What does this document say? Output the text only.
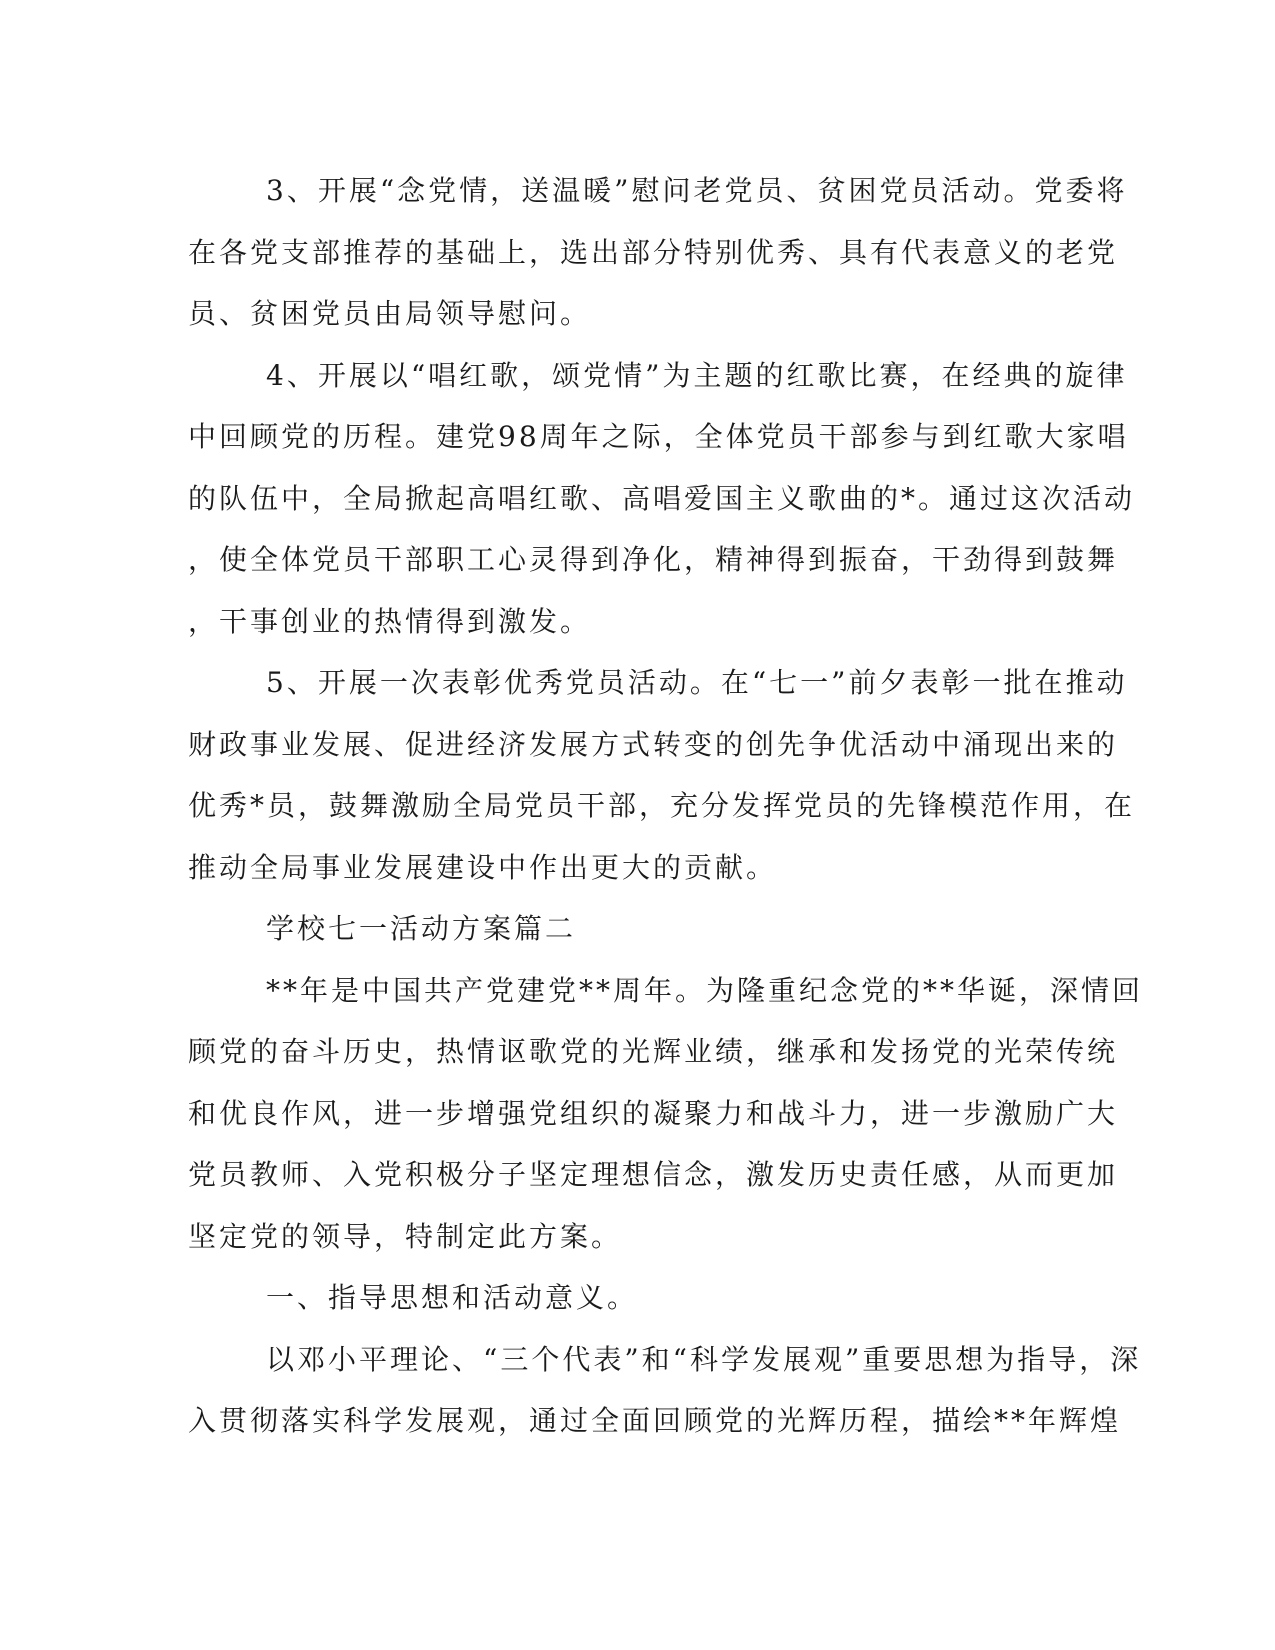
3、开展“念党情，送温暖”慰问老党员、贫困党员活动。党委将
在各党支部推荐的基础上，选出部分特别优秀、具有代表意义的老党
员、贫困党员由局领导慰问。
4、开展以“唱红歌，颂党情”为主题的红歌比赛，在经典的旋律
中回顾党的历程。建党98周年之际，全体党员干部参与到红歌大家唱
的队伍中，全局掀起高唱红歌、高唱爱国主义歌曲的*。通过这次活动
，使全体党员干部职工心灵得到净化，精神得到振奋，干劲得到鼓舞
，干事创业的热情得到激发。
5、开展一次表彰优秀党员活动。在“七一”前夕表彰一批在推动
财政事业发展、促进经济发展方式转变的创先争优活动中涌现出来的
优秀*员，鼓舞激励全局党员干部，充分发挥党员的先锋模范作用，在
推动全局事业发展建设中作出更大的贡献。
学校七一活动方案篇二
**年是中国共产党建党**周年。为隆重纪念党的**华诞，深情回
顾党的奋斗历史，热情讴歌党的光辉业绩，继承和发扬党的光荣传统
和优良作风，进一步增强党组织的凝聚力和战斗力，进一步激励广大
党员教师、入党积极分子坚定理想信念，激发历史责任感，从而更加
坚定党的领导，特制定此方案。
一、指导思想和活动意义。
以邓小平理论、“三个代表”和“科学发展观”重要思想为指导，深
入贯彻落实科学发展观，通过全面回顾党的光辉历程，描绘**年辉煌
